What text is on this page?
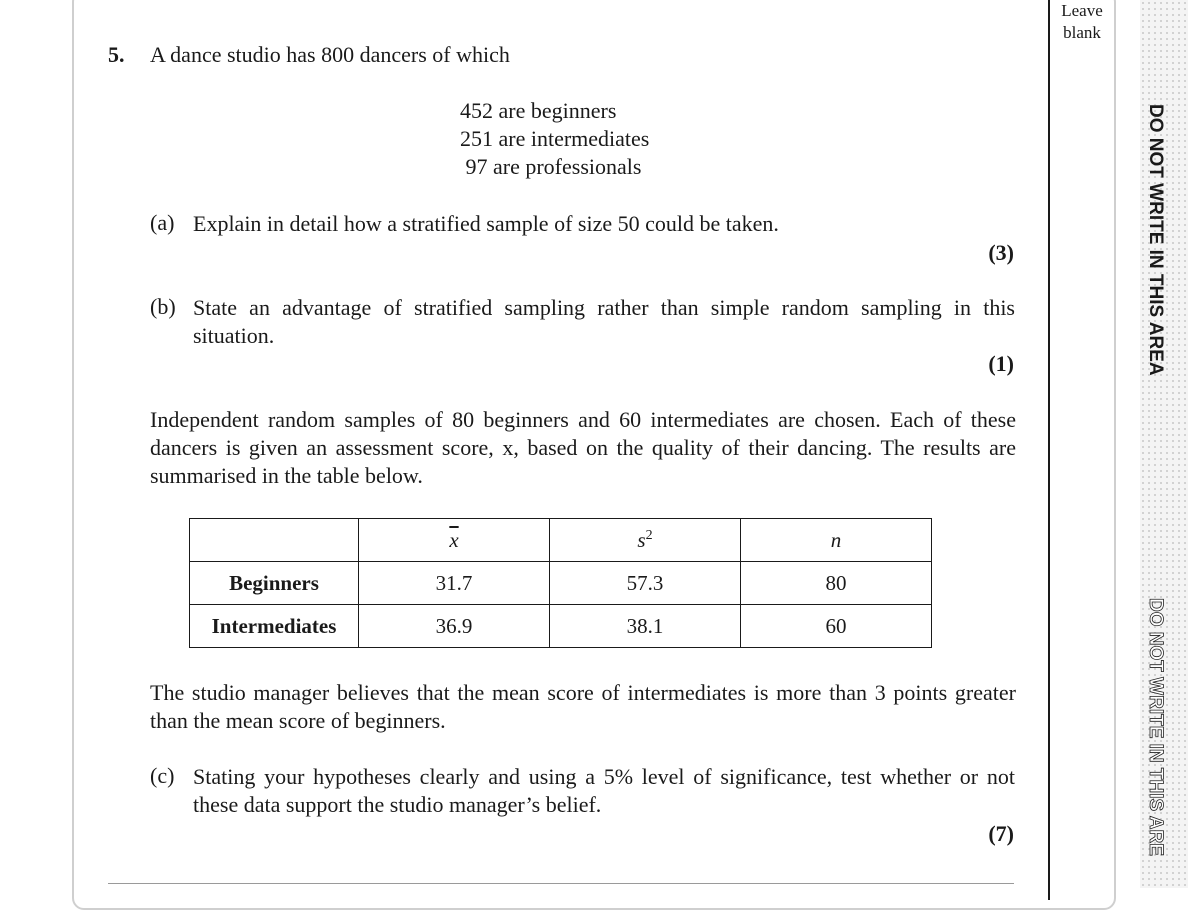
Leave
blank
DO NOT WRITE IN THIS AREA
DO NOT WRITE IN THIS ARE
5. A dance studio has 800 dancers of which
452 are beginners
251 are intermediates
97 are professionals
(a) Explain in detail how a stratified sample of size 50 could be taken.
(3)
(b) State an advantage of stratified sampling rather than simple random sampling in this situation.
(1)
Independent random samples of 80 beginners and 60 intermediates are chosen. Each of these dancers is given an assessment score, x, based on the quality of their dancing. The results are summarised in the table below.
	$\overline{x}$	$s^2$	n
Beginners	31.7	57.3	80
Intermediates	36.9	38.1	60
The studio manager believes that the mean score of intermediates is more than 3 points greater than the mean score of beginners.
(c) Stating your hypotheses clearly and using a 5% level of significance, test whether or not these data support the studio manager’s belief.
(7)
